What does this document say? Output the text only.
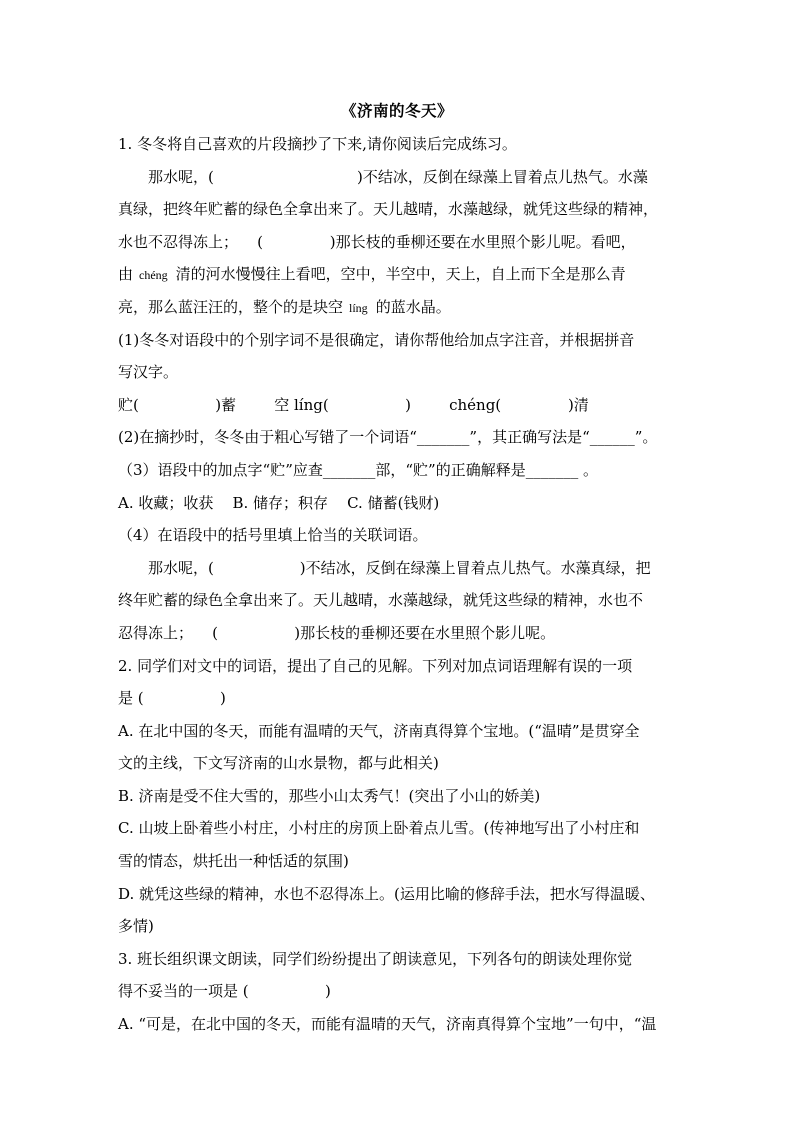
《济南的冬天》
1. 冬冬将自己喜欢的片段摘抄了下来,请你阅读后完成练习。
那水呢，(	)不结冰，反倒在绿藻上冒着点儿热气。水藻
真绿，把终年贮蓄的绿色全拿出来了。天儿越晴，水藻越绿，就凭这些绿的精神，
水也不忍得冻上； (	)那长枝的垂柳还要在水里照个影儿呢。看吧，
由 chéng 清的河水慢慢往上看吧，空中，半空中，天上，自上而下全是那么青
亮，那么蓝汪汪的，整个的是块空 líng 的蓝水晶。
(1)冬冬对语段中的个别字词不是很确定，请你帮他给加点字注音，并根据拼音
写汉字。
贮(	)蓄	空 líng(	)	chéng(	)清
(2)在摘抄时，冬冬由于粗心写错了一个词语“_______”，其正确写法是“______”。
（3）语段中的加点字“贮”应查_______部，“贮”的正确解释是_______ 。
A. 收藏；收获 B. 储存；积存 C. 储蓄(钱财)
（4）在语段中的括号里填上恰当的关联词语。
那水呢，(	)不结冰，反倒在绿藻上冒着点儿热气。水藻真绿，把
终年贮蓄的绿色全拿出来了。天儿越晴，水藻越绿，就凭这些绿的精神，水也不
忍得冻上； (	)那长枝的垂柳还要在水里照个影儿呢。
2. 同学们对文中的词语，提出了自己的见解。下列对加点词语理解有误的一项
是 (	)
A. 在北中国的冬天，而能有温晴的天气，济南真得算个宝地。(“温晴”是贯穿全
文的主线，下文写济南的山水景物，都与此相关)
B. 济南是受不住大雪的，那些小山太秀气！(突出了小山的娇美)
C. 山坡上卧着些小村庄，小村庄的房顶上卧着点儿雪。(传神地写出了小村庄和
雪的情态，烘托出一种恬适的氛围)
D. 就凭这些绿的精神，水也不忍得冻上。(运用比喻的修辞手法，把水写得温暖、
多情)
3. 班长组织课文朗读，同学们纷纷提出了朗读意见，下列各句的朗读处理你觉
得不妥当的一项是 (	)
A. “可是，在北中国的冬天，而能有温晴的天气，济南真得算个宝地”一句中，“温
